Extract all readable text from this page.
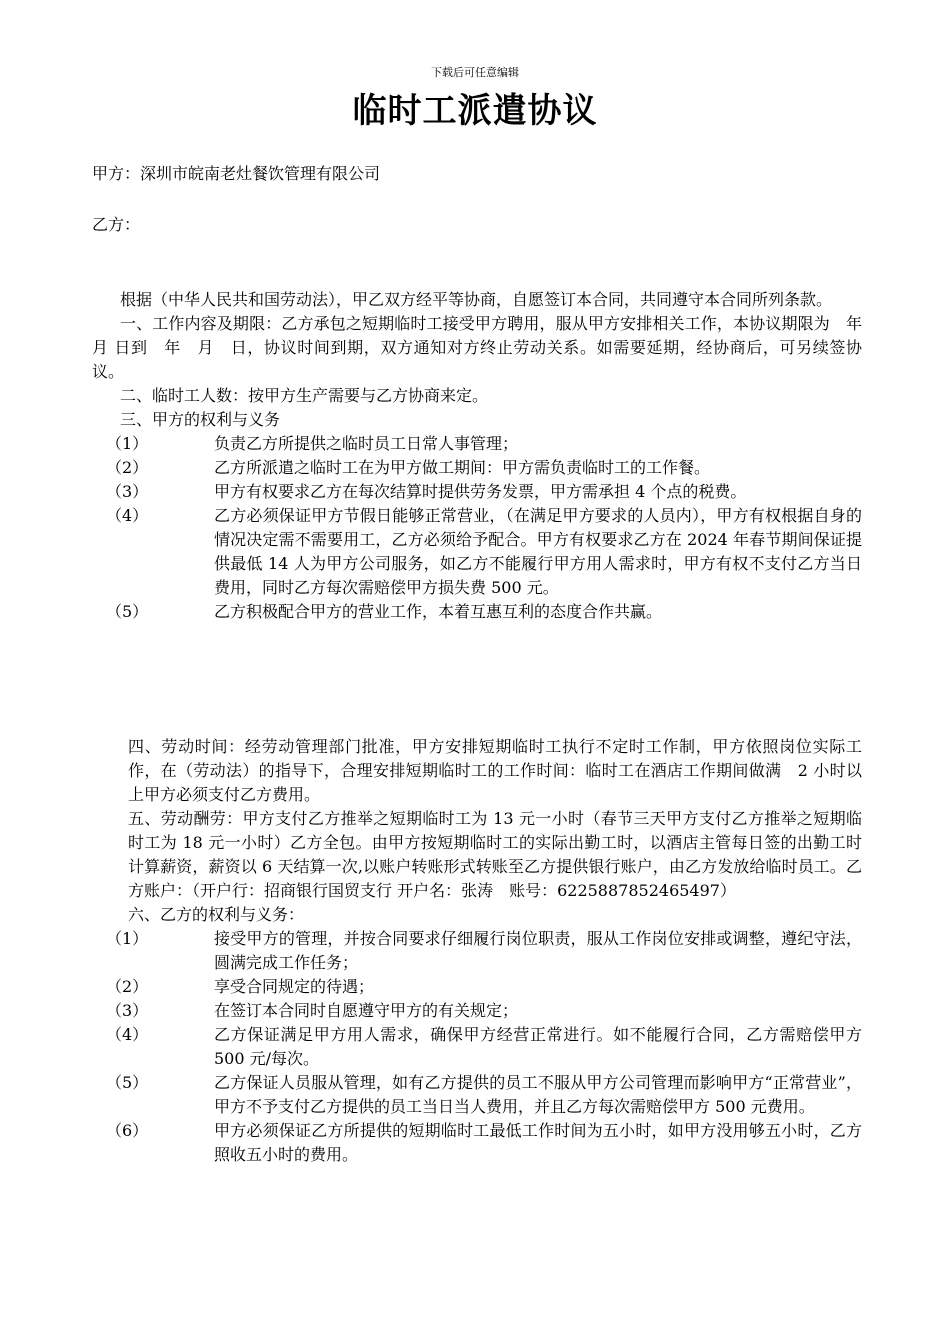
下载后可任意编辑
临时工派遣协议
甲方：深圳市皖南老灶餐饮管理有限公司
乙方：

根据（中华人民共和国劳动法），甲乙双方经平等协商，自愿签订本合同，共同遵守本合同所列条款。

一、工作内容及期限：乙方承包之短期临时工接受甲方聘用，服从甲方安排相关工作，本协议期限为　年　月 日到　年　月　日，协议时间到期，双方通知对方终止劳动关系。如需要延期，经协商后，可另续签协议。

二、临时工人数：按甲方生产需要与乙方协商来定。

三、甲方的权利与义务

（1）	负责乙方所提供之临时员工日常人事管理；
（2）	乙方所派遣之临时工在为甲方做工期间：甲方需负责临时工的工作餐。
（3）	甲方有权要求乙方在每次结算时提供劳务发票，甲方需承担 4 个点的税费。
（4）	乙方必须保证甲方节假日能够正常营业，（在满足甲方要求的人员内），甲方有权根据自身的情况决定需不需要用工，乙方必须给予配合。甲方有权要求乙方在 2024 年春节期间保证提供最低 14 人为甲方公司服务，如乙方不能履行甲方用人需求时，甲方有权不支付乙方当日费用，同时乙方每次需赔偿甲方损失费 500 元。
（5）	乙方积极配合甲方的营业工作，本着互惠互利的态度合作共赢。

四、劳动时间：经劳动管理部门批准，甲方安排短期临时工执行不定时工作制，甲方依照岗位实际工作，在（劳动法）的指导下，合理安排短期临时工的工作时间：临时工在酒店工作期间做满　2 小时以上甲方必须支付乙方费用。

五、劳动酬劳：甲方支付乙方推举之短期临时工为 13 元一小时（春节三天甲方支付乙方推举之短期临时工为 18 元一小时）乙方全包。由甲方按短期临时工的实际出勤工时，以酒店主管每日签的出勤工时计算薪资，薪资以 6 天结算一次,以账户转账形式转账至乙方提供银行账户，由乙方发放给临时员工。乙方账户：（开户行：招商银行国贸支行 开户名：张涛　账号：6225887852465497）

六、乙方的权利与义务：

（1）	接受甲方的管理，并按合同要求仔细履行岗位职责，服从工作岗位安排或调整，遵纪守法，圆满完成工作任务；
（2）	享受合同规定的待遇；
（3）	在签订本合同时自愿遵守甲方的有关规定；
（4）	乙方保证满足甲方用人需求，确保甲方经营正常进行。如不能履行合同，乙方需赔偿甲方 500 元/每次。
（5）	乙方保证人员服从管理，如有乙方提供的员工不服从甲方公司管理而影响甲方“正常营业”，甲方不予支付乙方提供的员工当日当人费用，并且乙方每次需赔偿甲方 500 元费用。
（6）	甲方必须保证乙方所提供的短期临时工最低工作时间为五小时，如甲方没用够五小时，乙方照收五小时的费用。
